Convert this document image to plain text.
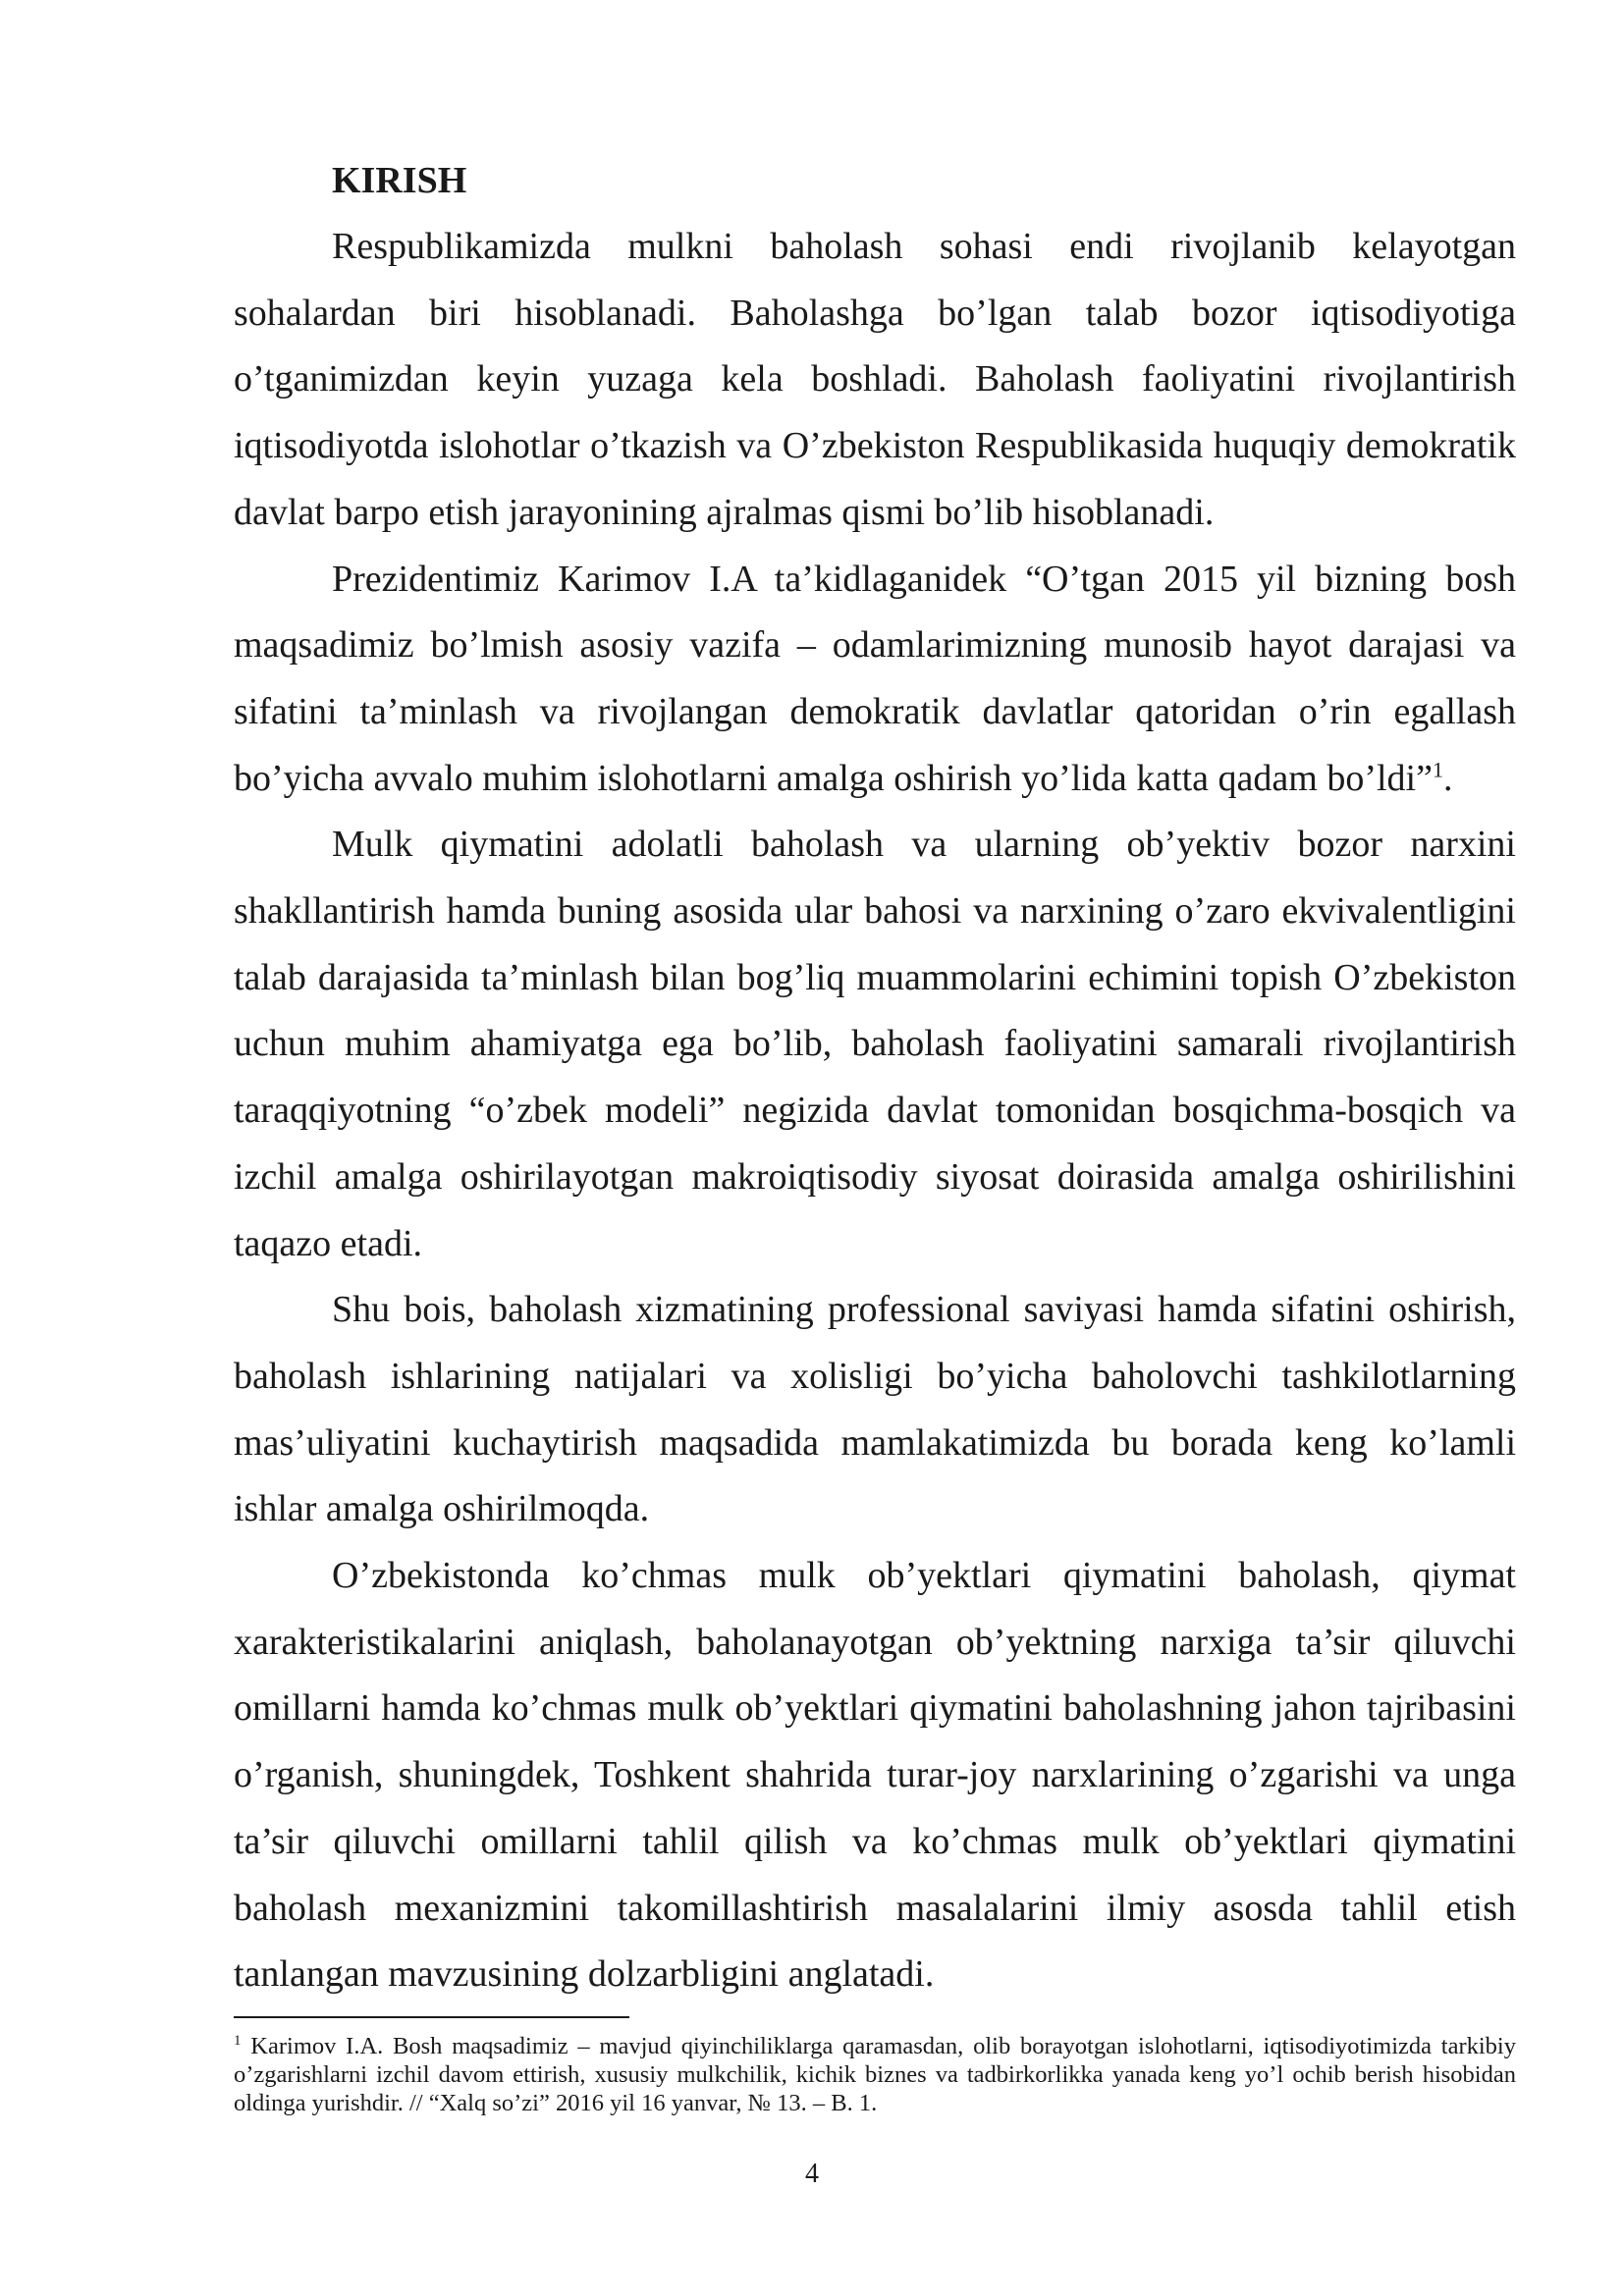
KIRISH

Respublikamizda mulkni baholash sohasi endi rivojlanib kelayotgan sohalardan biri hisoblanadi. Baholashga bo’lgan talab bozor iqtisodiyotiga o’tganimizdan keyin yuzaga kela boshladi. Baholash faoliyatini rivojlantirish iqtisodiyotda islohotlar o’tkazish va O’zbekiston Respublikasida huquqiy demokratik davlat barpo etish jarayonining ajralmas qismi bo’lib hisoblanadi.

Prezidentimiz Karimov I.A ta’kidlaganidek “O’tgan 2015 yil bizning bosh maqsadimiz bo’lmish asosiy vazifa – odamlarimizning munosib hayot darajasi va sifatini ta’minlash va rivojlangan demokratik davlatlar qatoridan o’rin egallash bo’yicha avvalo muhim islohotlarni amalga oshirish yo’lida katta qadam bo’ldi”$^1$.

Mulk qiymatini adolatli baholash va ularning ob’yektiv bozor narxini shakllantirish hamda buning asosida ular bahosi va narxining o’zaro ekvivalentligini talab darajasida ta’minlash bilan bog’liq muammolarini echimini topish O’zbekiston uchun muhim ahamiyatga ega bo’lib, baholash faoliyatini samarali rivojlantirish taraqqiyotning “o’zbek modeli” negizida davlat tomonidan bosqichma-bosqich va izchil amalga oshirilayotgan makroiqtisodiy siyosat doirasida amalga oshirilishini taqazo etadi.

Shu bois, baholash xizmatining professional saviyasi hamda sifatini oshirish, baholash ishlarining natijalari va xolisligi bo’yicha baholovchi tashkilotlarning mas’uliyatini kuchaytirish maqsadida mamlakatimizda bu borada keng ko’lamli ishlar amalga oshirilmoqda.

O’zbekistonda ko’chmas mulk ob’yektlari qiymatini baholash, qiymat xarakteristikalarini aniqlash, baholanayotgan ob’yektning narxiga ta’sir qiluvchi omillarni hamda ko’chmas mulk ob’yektlari qiymatini baholashning jahon tajribasini o’rganish, shuningdek, Toshkent shahrida turar-joy narxlarining o’zgarishi va unga ta’sir qiluvchi omillarni tahlil qilish va ko’chmas mulk ob’yektlari qiymatini baholash mexanizmini takomillashtirish masalalarini ilmiy asosda tahlil etish tanlangan mavzusining dolzarbligini anglatadi.

$^1$ Karimov I.A. Bosh maqsadimiz – mavjud qiyinchiliklarga qaramasdan, olib borayotgan islohotlarni, iqtisodiyotimizda tarkibiy o’zgarishlarni izchil davom ettirish, xususiy mulkchilik, kichik biznes va tadbirkorlikka yanada keng yo’l ochib berish hisobidan oldinga yurishdir. // “Xalq so’zi” 2016 yil 16 yanvar, № 13. – B. 1.

4
